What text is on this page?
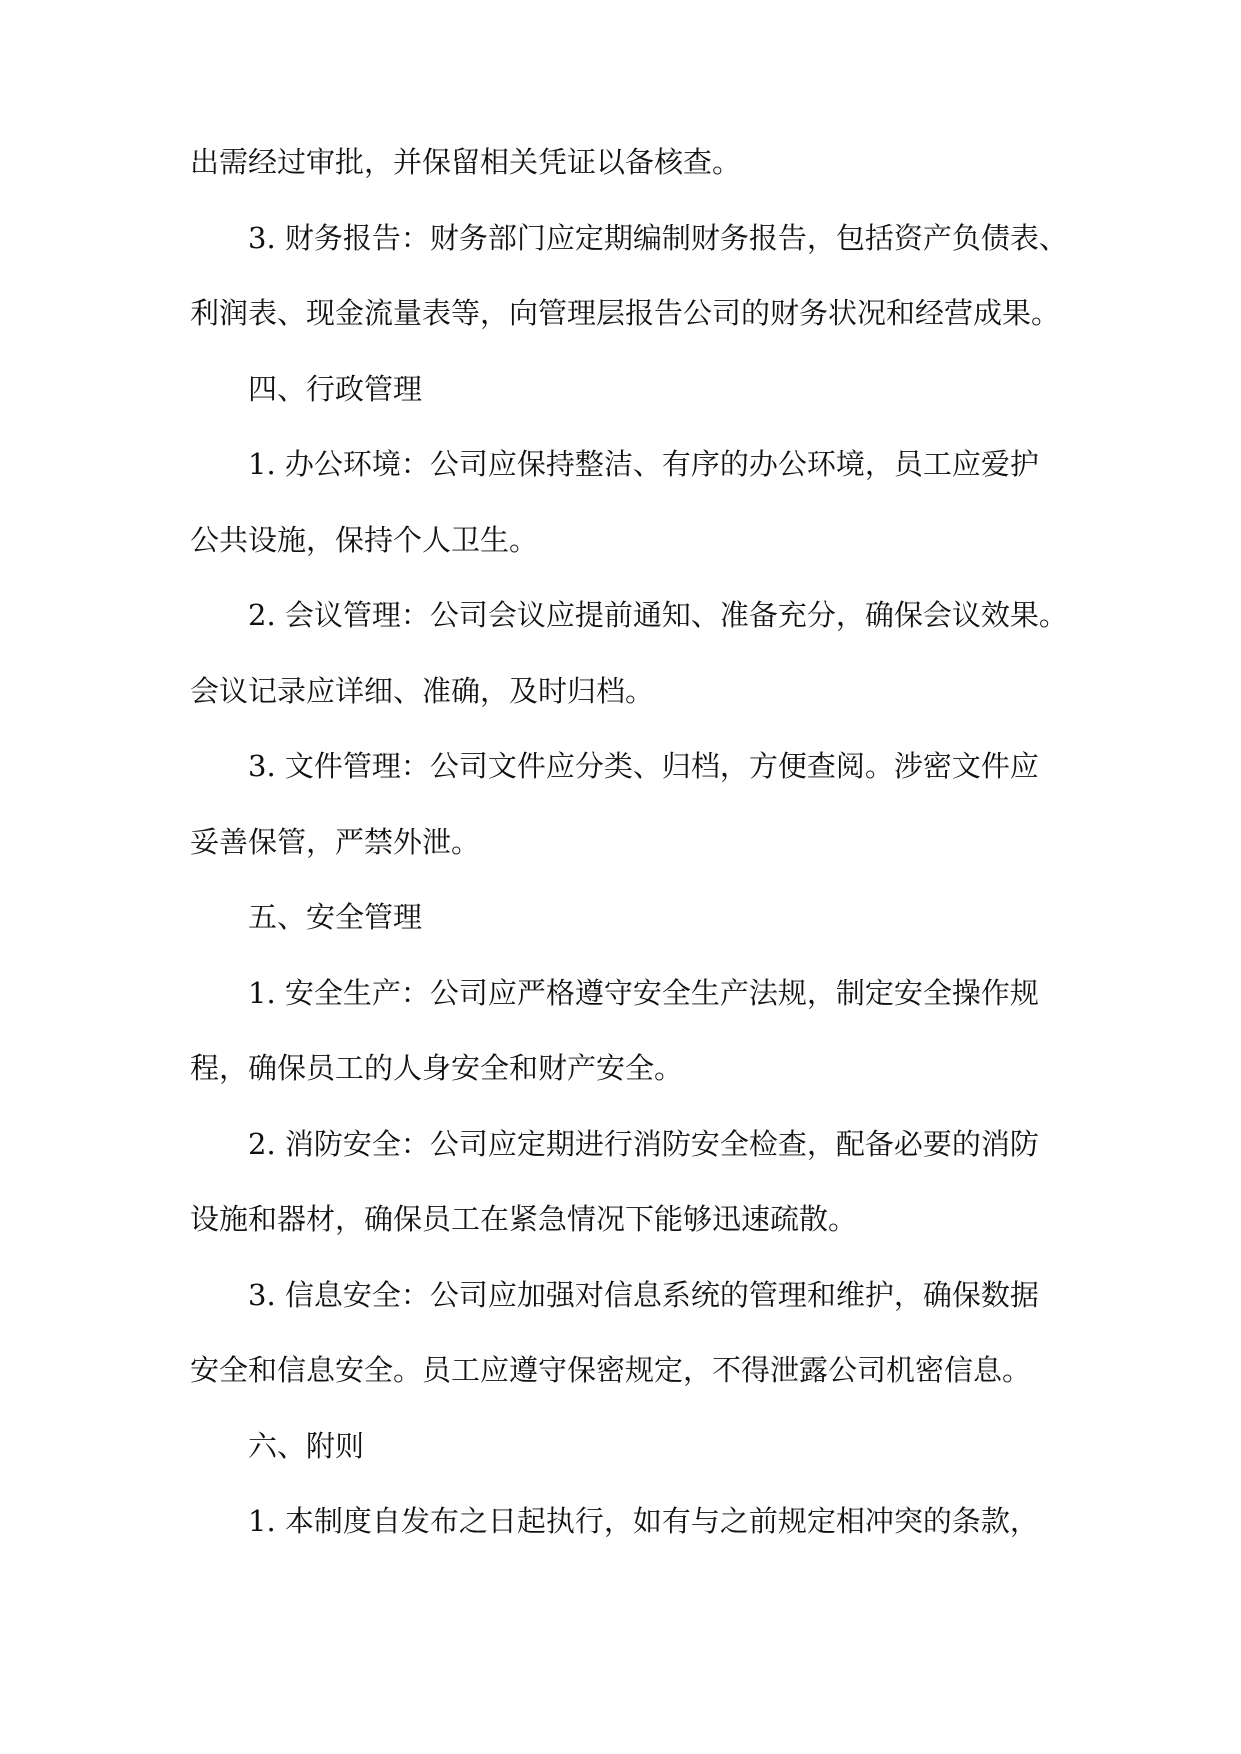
出需经过审批，并保留相关凭证以备核查。
3. 财务报告：财务部门应定期编制财务报告，包括资产负债表、
利润表、现金流量表等，向管理层报告公司的财务状况和经营成果。
四、行政管理
1. 办公环境：公司应保持整洁、有序的办公环境，员工应爱护
公共设施，保持个人卫生。
2. 会议管理：公司会议应提前通知、准备充分，确保会议效果。
会议记录应详细、准确，及时归档。
3. 文件管理：公司文件应分类、归档，方便查阅。涉密文件应
妥善保管，严禁外泄。
五、安全管理
1. 安全生产：公司应严格遵守安全生产法规，制定安全操作规
程，确保员工的人身安全和财产安全。
2. 消防安全：公司应定期进行消防安全检查，配备必要的消防
设施和器材，确保员工在紧急情况下能够迅速疏散。
3. 信息安全：公司应加强对信息系统的管理和维护，确保数据
安全和信息安全。员工应遵守保密规定，不得泄露公司机密信息。
六、附则
1. 本制度自发布之日起执行，如有与之前规定相冲突的条款，
